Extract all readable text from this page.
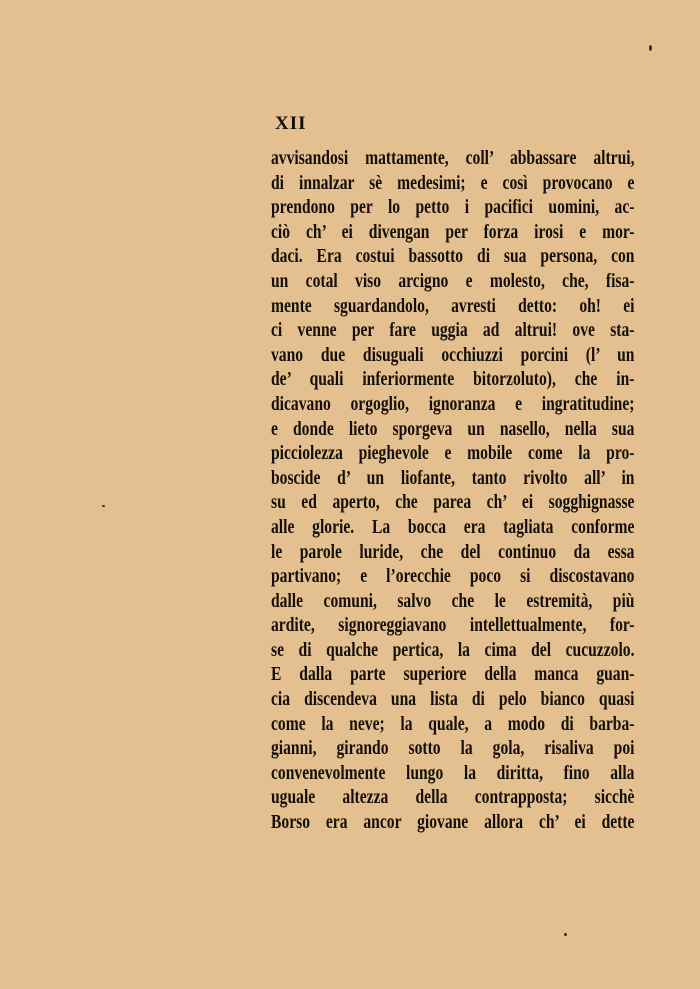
XII
avvisandosi mattamente, coll’ abbassare altrui,
di innalzar sè medesimi; e così provocano e
prendono per lo petto i pacifici uomini, ac-
ciò ch’ ei divengan per forza irosi e mor-
daci. Era costui bassotto di sua persona, con
un cotal viso arcigno e molesto, che, fisa-
mente sguardandolo, avresti detto: oh! ei
ci venne per fare uggia ad altrui! ove sta-
vano due disuguali occhiuzzi porcini (l’ un
de’ quali inferiormente bitorzoluto), che in-
dicavano orgoglio, ignoranza e ingratitudine;
e donde lieto sporgeva un nasello, nella sua
picciolezza pieghevole e mobile come la pro-
boscide d’ un liofante, tanto rivolto all’ in
su ed aperto, che parea ch’ ei sogghignasse
alle glorie. La bocca era tagliata conforme
le parole luride, che del continuo da essa
partivano; e l’orecchie poco si discostavano
dalle comuni, salvo che le estremità, più
ardite, signoreggiavano intellettualmente, for-
se di qualche pertica, la cima del cucuzzolo.
E dalla parte superiore della manca guan-
cia discendeva una lista di pelo bianco quasi
come la neve; la quale, a modo di barba-
gianni, girando sotto la gola, risaliva poi
convenevolmente lungo la diritta, fino alla
uguale altezza della contrapposta; sicchè
Borso era ancor giovane allora ch’ ei dette
